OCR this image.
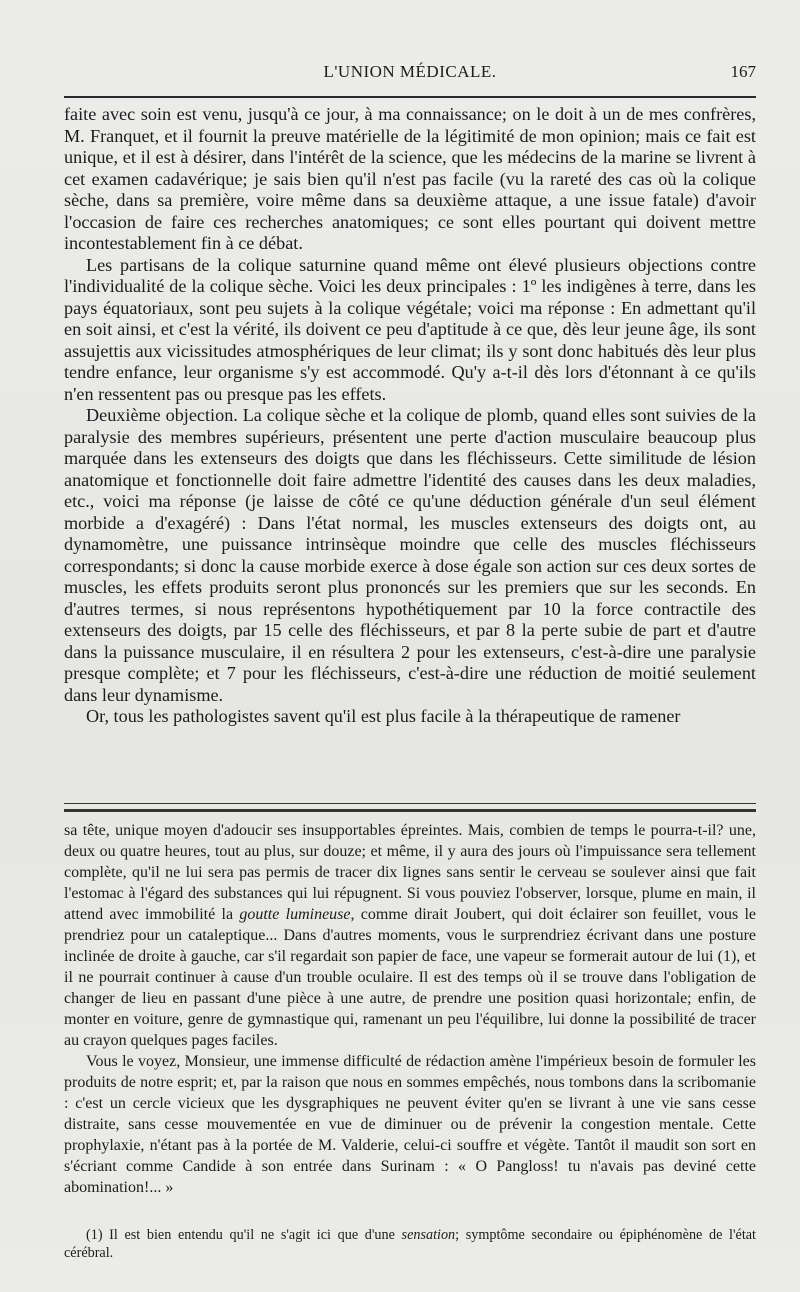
L'UNION MÉDICALE.	167

faite avec soin est venu, jusqu'à ce jour, à ma connaissance; on le doit à un de mes confrères, M. Franquet, et il fournit la preuve matérielle de la légitimité de mon opinion; mais ce fait est unique, et il est à désirer, dans l'intérêt de la science, que les médecins de la marine se livrent à cet examen cadavérique; je sais bien qu'il n'est pas facile (vu la rareté des cas où la colique sèche, dans sa première, voire même dans sa deuxième attaque, a une issue fatale) d'avoir l'occasion de faire ces recherches anatomiques; ce sont elles pourtant qui doivent mettre incontestablement fin à ce débat.

Les partisans de la colique saturnine quand même ont élevé plusieurs objections contre l'individualité de la colique sèche. Voici les deux principales : 1º les indigènes à terre, dans les pays équatoriaux, sont peu sujets à la colique végétale; voici ma réponse : En admettant qu'il en soit ainsi, et c'est la vérité, ils doivent ce peu d'aptitude à ce que, dès leur jeune âge, ils sont assujettis aux vicissitudes atmosphériques de leur climat; ils y sont donc habitués dès leur plus tendre enfance, leur organisme s'y est accommodé. Qu'y a-t-il dès lors d'étonnant à ce qu'ils n'en ressentent pas ou presque pas les effets.

Deuxième objection. La colique sèche et la colique de plomb, quand elles sont suivies de la paralysie des membres supérieurs, présentent une perte d'action musculaire beaucoup plus marquée dans les extenseurs des doigts que dans les fléchisseurs. Cette similitude de lésion anatomique et fonctionnelle doit faire admettre l'identité des causes dans les deux maladies, etc., voici ma réponse (je laisse de côté ce qu'une déduction générale d'un seul élément morbide a d'exagéré) : Dans l'état normal, les muscles extenseurs des doigts ont, au dynamomètre, une puissance intrinsèque moindre que celle des muscles fléchisseurs correspondants; si donc la cause morbide exerce à dose égale son action sur ces deux sortes de muscles, les effets produits seront plus prononcés sur les premiers que sur les seconds. En d'autres termes, si nous représentons hypothétiquement par 10 la force contractile des extenseurs des doigts, par 15 celle des fléchisseurs, et par 8 la perte subie de part et d'autre dans la puissance musculaire, il en résultera 2 pour les extenseurs, c'est-à-dire une paralysie presque complète; et 7 pour les fléchisseurs, c'est-à-dire une réduction de moitié seulement dans leur dynamisme.

Or, tous les pathologistes savent qu'il est plus facile à la thérapeutique de ramener

sa tête, unique moyen d'adoucir ses insupportables épreintes. Mais, combien de temps le pourra-t-il? une, deux ou quatre heures, tout au plus, sur douze; et même, il y aura des jours où l'impuissance sera tellement complète, qu'il ne lui sera pas permis de tracer dix lignes sans sentir le cerveau se soulever ainsi que fait l'estomac à l'égard des substances qui lui répugnent. Si vous pouviez l'observer, lorsque, plume en main, il attend avec immobilité la goutte lumineuse, comme dirait Joubert, qui doit éclairer son feuillet, vous le prendriez pour un cataleptique... Dans d'autres moments, vous le surprendriez écrivant dans une posture inclinée de droite à gauche, car s'il regardait son papier de face, une vapeur se formerait autour de lui (1), et il ne pourrait continuer à cause d'un trouble oculaire. Il est des temps où il se trouve dans l'obligation de changer de lieu en passant d'une pièce à une autre, de prendre une position quasi horizontale; enfin, de monter en voiture, genre de gymnastique qui, ramenant un peu l'équilibre, lui donne la possibilité de tracer au crayon quelques pages faciles.

Vous le voyez, Monsieur, une immense difficulté de rédaction amène l'impérieux besoin de formuler les produits de notre esprit; et, par la raison que nous en sommes empêchés, nous tombons dans la scribomanie : c'est un cercle vicieux que les dysgraphiques ne peuvent éviter qu'en se livrant à une vie sans cesse distraite, sans cesse mouvementée en vue de diminuer ou de prévenir la congestion mentale. Cette prophylaxie, n'étant pas à la portée de M. Valderie, celui-ci souffre et végète. Tantôt il maudit son sort en s'écriant comme Candide à son entrée dans Surinam : « O Pangloss! tu n'avais pas deviné cette abomination!... »

(1) Il est bien entendu qu'il ne s'agit ici que d'une sensation; symptôme secondaire ou épiphénomène de l'état cérébral.
